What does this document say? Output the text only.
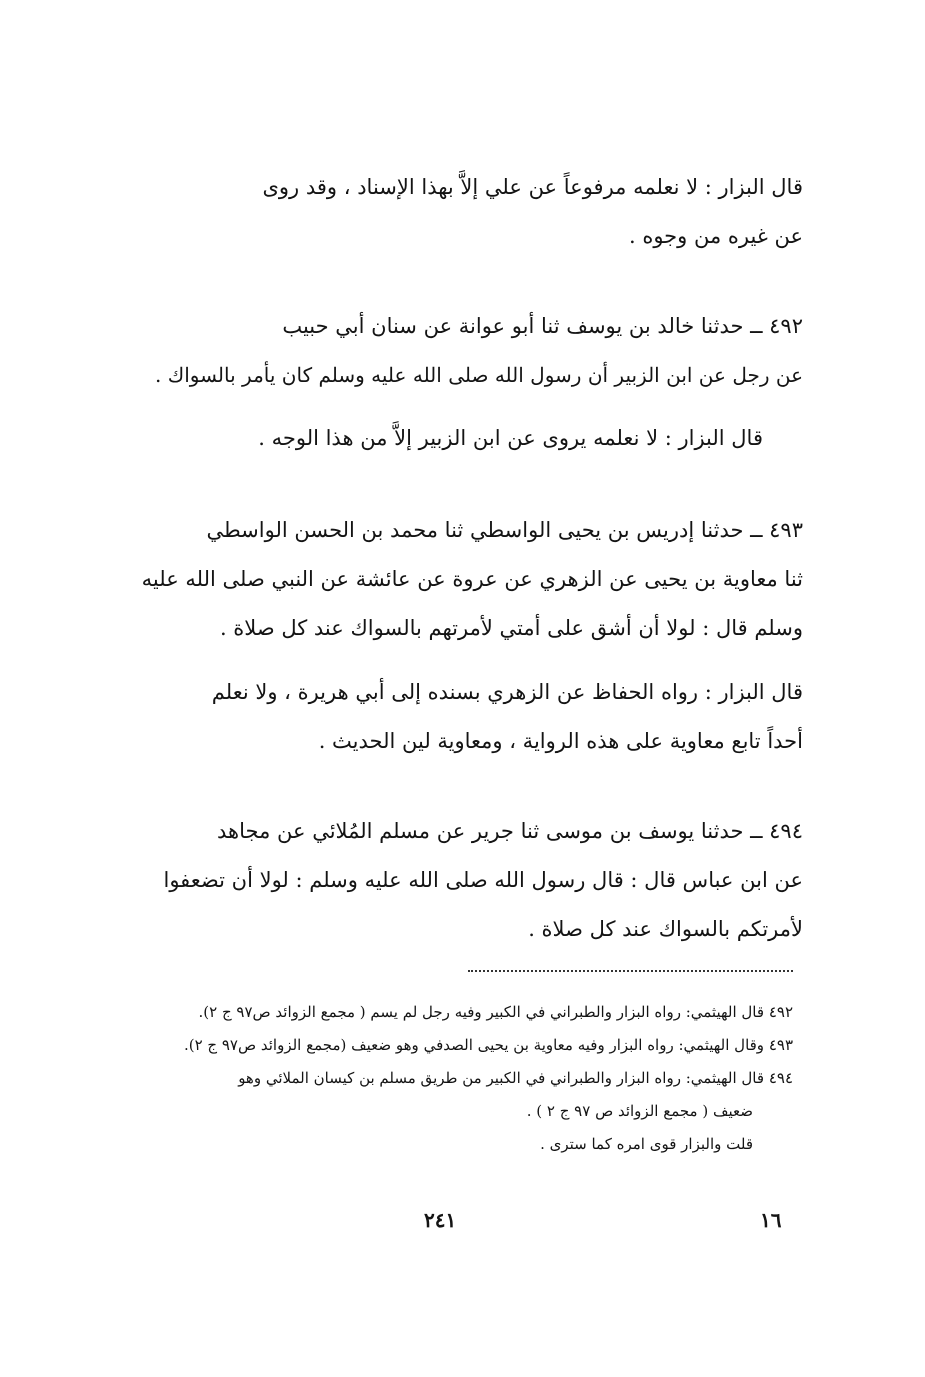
قال البزار : لا نعلمه مرفوعاً عن علي إلاَّ بهذا الإسناد ، وقد روى
عن غيره من وجوه .
٤٩٢ ــ حدثنا خالد بن يوسف ثنا أبو عوانة عن سنان أبي حبيب
عن رجل عن ابن الزبير أن رسول الله صلى الله عليه وسلم كان يأمر بالسواك .
قال البزار : لا نعلمه يروى عن ابن الزبير إلاَّ من هذا الوجه .
٤٩٣ ــ حدثنا إدريس بن يحيى الواسطي ثنا محمد بن الحسن الواسطي
ثنا معاوية بن يحيى عن الزهري عن عروة عن عائشة عن النبي صلى الله عليه
وسلم قال : لولا أن أشق على أمتي لأمرتهم بالسواك عند كل صلاة .
قال البزار : رواه الحفاظ عن الزهري بسنده إلى أبي هريرة ، ولا نعلم
أحداً تابع معاوية على هذه الرواية ، ومعاوية لين الحديث .
٤٩٤ ــ حدثنا يوسف بن موسى ثنا جرير عن مسلم المُلائي عن مجاهد
عن ابن عباس قال : قال رسول الله صلى الله عليه وسلم : لولا أن تضعفوا
لأمرتكم بالسواك عند كل صلاة .
٤٩٢ قال الهيثمي: رواه البزار والطبراني في الكبير وفيه رجل لم يسم ( مجمع الزوائد ص٩٧ ج ٢).
٤٩٣ وقال الهيثمي: رواه البزار وفيه معاوية بن يحيى الصدفي وهو ضعيف (مجمع الزوائد ص٩٧ ج ٢).
٤٩٤ قال الهيثمي: رواه البزار والطبراني في الكبير من طريق مسلم بن كيسان الملائي وهو
ضعيف ( مجمع الزوائد ص ٩٧ ج ٢ ) .
قلت والبزار قوى امره كما سترى .
٢٤١	١٦
